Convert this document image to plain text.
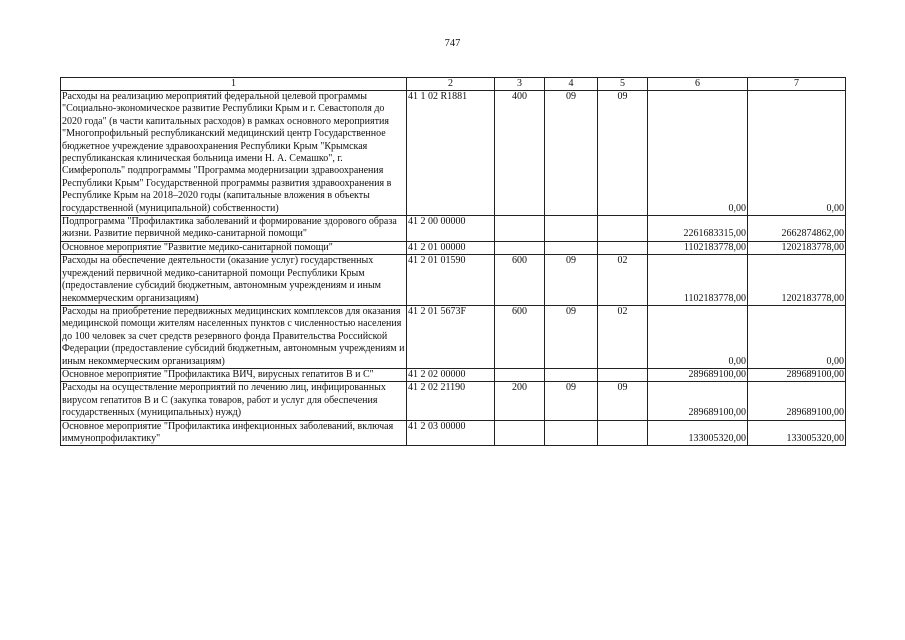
747
1	2	3	4	5	6	7
Расходы на реализацию мероприятий федеральной целевой программы "Социально-экономическое развитие Республики Крым и г. Севастополя до 2020 года" (в части капитальных расходов) в рамках основного мероприятия "Многопрофильный республиканский медицинский центр Государственное бюджетное учреждение здравоохранения Республики Крым "Крымская республиканская клиническая больница имени Н. А. Семашко", г. Симферополь" подпрограммы "Программа модернизации здравоохранения Республики Крым" Государственной программы развития здравоохранения в Республике Крым на 2018–2020 годы (капитальные вложения в объекты государственной (муниципальной) собственности)	41 1 02 R1881	400	09	09	0,00	0,00
Подпрограмма "Профилактика заболеваний и формирование здорового образа жизни. Развитие первичной медико-санитарной помощи"	41 2 00 00000				2261683315,00	2662874862,00
Основное мероприятие "Развитие медико-санитарной помощи"	41 2 01 00000				1102183778,00	1202183778,00
Расходы на обеспечение деятельности (оказание услуг) государственных учреждений первичной медико-санитарной помощи Республики Крым (предоставление субсидий бюджетным, автономным учреждениям и иным некоммерческим организациям)	41 2 01 01590	600	09	02	1102183778,00	1202183778,00
Расходы на приобретение передвижных медицинских комплексов для оказания медицинской помощи жителям населенных пунктов с численностью населения до 100 человек за счет средств резервного фонда Правительства Российской Федерации (предоставление субсидий бюджетным, автономным учреждениям и иным некоммерческим организациям)	41 2 01 5673F	600	09	02	0,00	0,00
Основное мероприятие "Профилактика ВИЧ, вирусных гепатитов В и С"	41 2 02 00000				289689100,00	289689100,00
Расходы на осуществление мероприятий по лечению лиц, инфицированных вирусом гепатитов В и С (закупка товаров, работ и услуг для обеспечения государственных (муниципальных) нужд)	41 2 02 21190	200	09	09	289689100,00	289689100,00
Основное мероприятие "Профилактика инфекционных заболеваний, включая иммунопрофилактику"	41 2 03 00000				133005320,00	133005320,00
